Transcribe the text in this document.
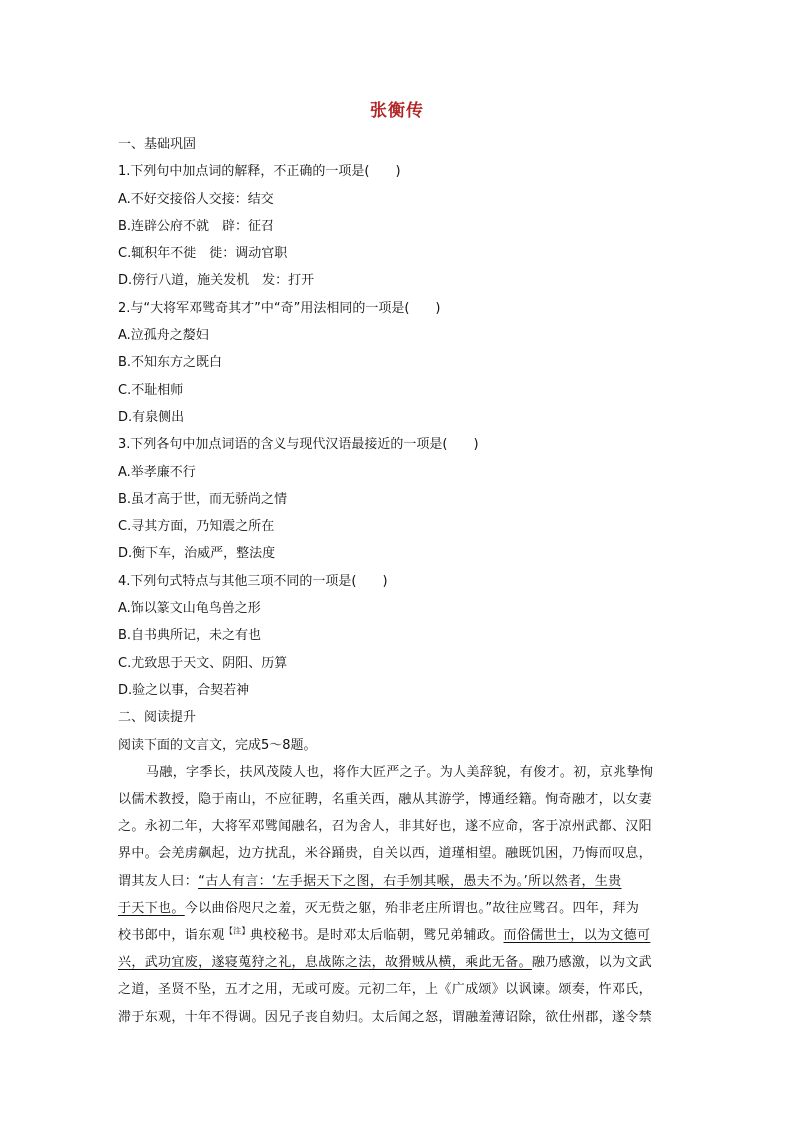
张衡传
一、基础巩固
1.下列句中加点词的解释，不正确的一项是(　　)
A.不好交接俗人交接：结交
B.连辟公府不就　辟：征召
C.辄积年不徙　徙：调动官职
D.傍行八道，施关发机　发：打开
2.与“大将军邓骘奇其才”中“奇”用法相同的一项是(　　)
A.泣孤舟之嫠妇
B.不知东方之既白
C.不耻相师
D.有泉侧出
3.下列各句中加点词语的含义与现代汉语最接近的一项是(　　)
A.举孝廉不行
B.虽才高于世，而无骄尚之情
C.寻其方面，乃知震之所在
D.衡下车，治威严，整法度
4.下列句式特点与其他三项不同的一项是(　　)
A.饰以篆文山龟鸟兽之形
B.自书典所记，未之有也
C.尤致思于天文、阴阳、历算
D.验之以事，合契若神
二、阅读提升
阅读下面的文言文，完成5～8题。
马融，字季长，扶风茂陵人也，将作大匠严之子。为人美辞貌，有俊才。初，京兆挚恂
以儒术教授，隐于南山，不应征聘，名重关西，融从其游学，博通经籍。恂奇融才，以女妻
之。永初二年，大将军邓骘闻融名，召为舍人，非其好也，遂不应命，客于凉州武都、汉阳
界中。会羌虏飙起，边方扰乱，米谷踊贵，自关以西，道瑾相望。融既饥困，乃悔而叹息，
谓其友人曰：“古人有言：‘左手据天下之图，右手刎其喉，愚夫不为。’所以然者，生贵
于天下也。今以曲俗咫尺之羞，灭无赀之躯，殆非老庄所谓也。”故往应骘召。四年，拜为
校书郎中，诣东观$^{【注】}$典校秘书。是时邓太后临朝，骘兄弟辅政。而俗儒世士，以为文德可
兴，武功宜废，遂寝蒐狩之礼，息战陈之法，故猾贼从横，乘此无备。融乃感激，以为文武
之道，圣贤不坠，五才之用，无或可废。元初二年，上《广成颂》以讽谏。颂奏，忤邓氏，
滞于东观，十年不得调。因兄子丧自劾归。太后闻之怒，谓融羞薄诏除，欲仕州郡，遂令禁
